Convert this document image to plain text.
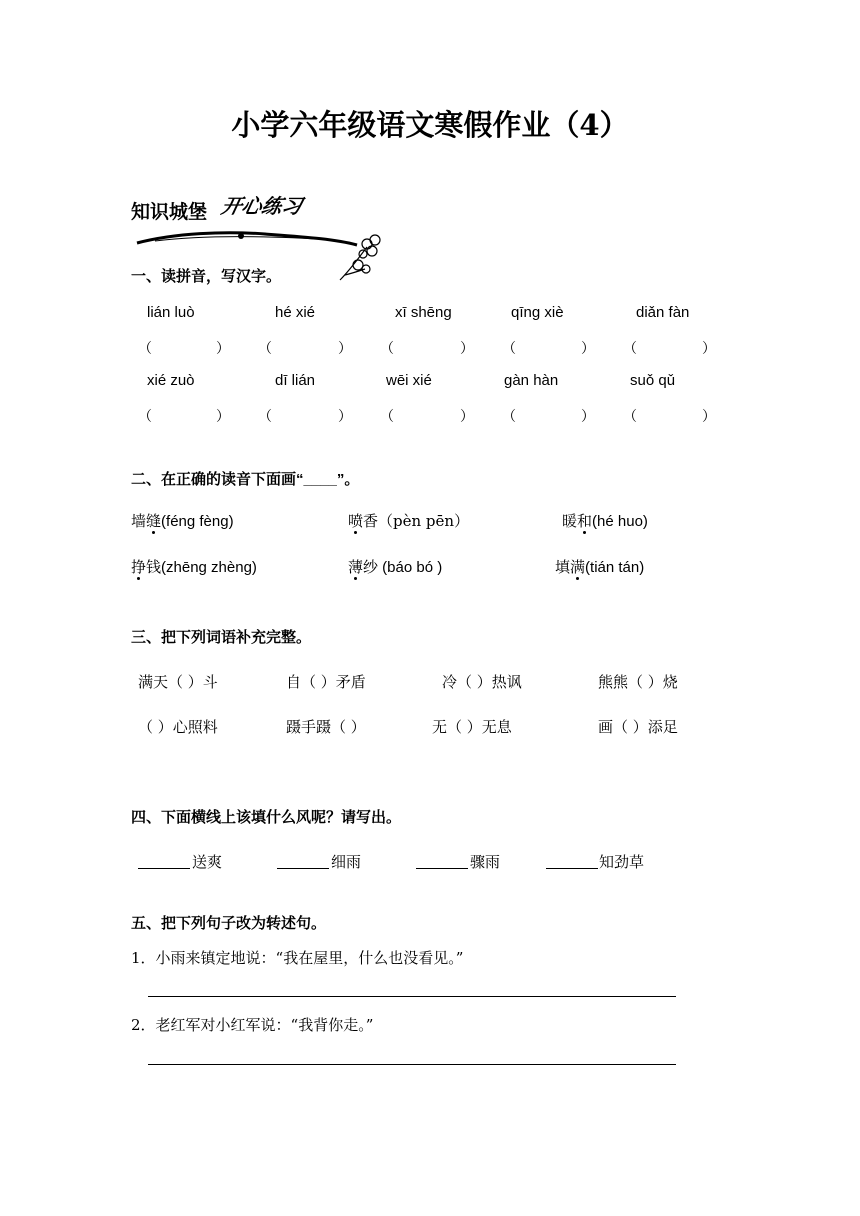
小学六年级语文寒假作业（4）
知识城堡 开心练习
一、读拼音，写汉字。
lián luò	hé xié	xī shēnɡ	qīnɡ xiè	diǎn fàn
（	） （	） （	） （	） （	）
xié zuò	dī lián	wēi xié	ɡàn hàn	suǒ qǔ
（	） （	） （	） （	） （	）
二、在正确的读音下面画“____”。
墙缝(féng fèng)	喷香（pèn pēn）	暖和(hé huo)
挣钱(zhēng zhèng)	薄纱 (báo bó )	填满(tián tán)
三、把下列词语补充完整。
满天（ ）斗	自（ ）矛盾	冷（ ）热讽	熊熊（ ）烧
（ ）心照料	蹑手蹑（ ）	无（ ）无息	画（ ）添足
四、下面横线上该填什么风呢？请写出。
送爽	细雨	骤雨	知劲草
五、把下列句子改为转述句。
1．小雨来镇定地说：“我在屋里，什么也没看见。”
2．老红军对小红军说：“我背你走。”
